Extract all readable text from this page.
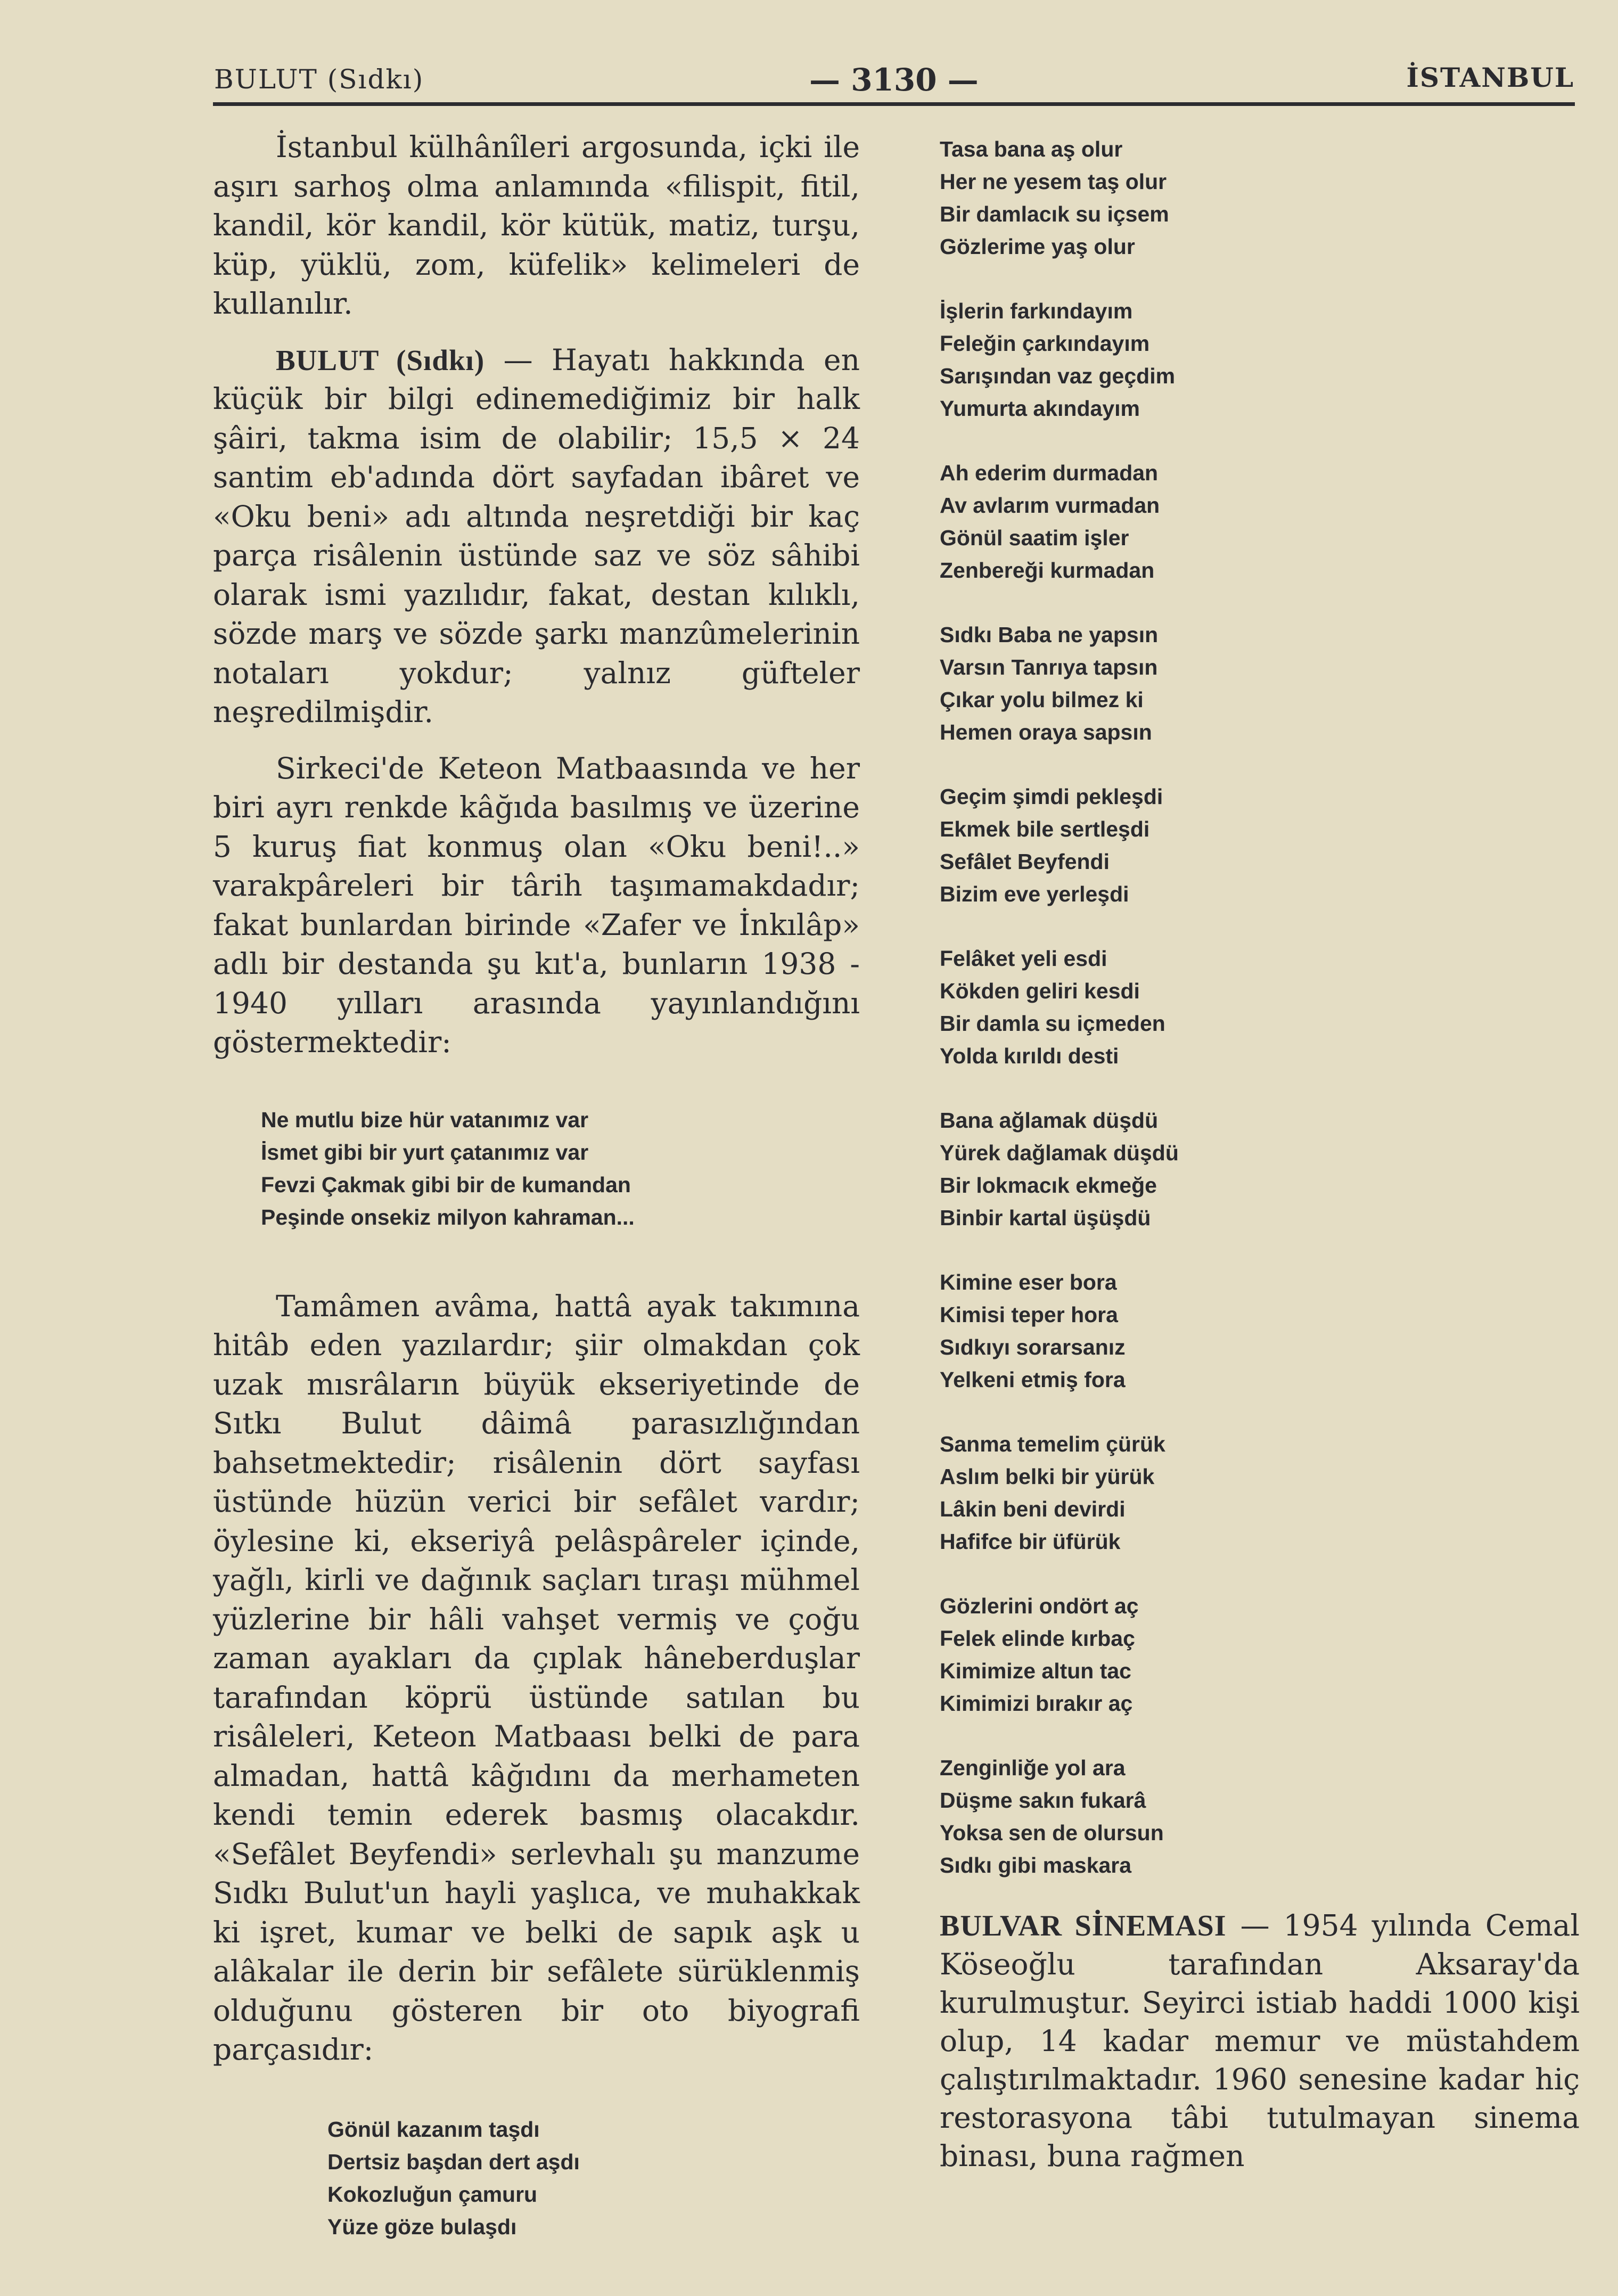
BULUT (Sıdkı)	— 3130 —	İSTANBUL

İstanbul külhânîleri argosunda, içki ile aşırı sarhoş olma anlamında «filispit, fitil, kandil, kör kandil, kör kütük, matiz, turşu, küp, yüklü, zom, küfelik» kelimeleri de kullanılır.

BULUT (Sıdkı) — Hayatı hakkında en küçük bir bilgi edinemediğimiz bir halk şâiri, takma isim de olabilir; 15,5 × 24 santim eb'adında dört sayfadan ibâret ve «Oku beni» adı altında neşretdiği bir kaç parça risâlenin üstünde saz ve söz sâhibi olarak ismi yazılıdır, fakat, destan kılıklı, sözde marş ve sözde şarkı manzûmelerinin notaları yokdur; yalnız güfteler neşredilmişdir.

Sirkeci'de Keteon Matbaasında ve her biri ayrı renkde kâğıda basılmış ve üzerine 5 kuruş fiat konmuş olan «Oku beni!..» varakpâreleri bir târih taşımamakdadır; fakat bunlardan birinde «Zafer ve İnkılâp» adlı bir destanda şu kıt'a, bunların 1938 - 1940 yılları arasında yayınlandığını göstermektedir:

Ne mutlu bize hür vatanımız var
İsmet gibi bir yurt çatanımız var
Fevzi Çakmak gibi bir de kumandan
Peşinde onsekiz milyon kahraman...

Tamâmen avâma, hattâ ayak takımına hitâb eden yazılardır; şiir olmakdan çok uzak mısrâların büyük ekseriyetinde de Sıtkı Bulut dâimâ parasızlığından bahsetmektedir; risâlenin dört sayfası üstünde hüzün verici bir sefâlet vardır; öylesine ki, ekseriyâ pelâspâreler içinde, yağlı, kirli ve dağınık saçları tıraşı mühmel yüzlerine bir hâli vahşet vermiş ve çoğu zaman ayakları da çıplak hâneberduşlar tarafından köprü üstünde satılan bu risâleleri, Keteon Matbaası belki de para almadan, hattâ kâğıdını da merhameten kendi temin ederek basmış olacakdır. «Sefâlet Beyfendi» serlevhalı şu manzume Sıdkı Bulut'un hayli yaşlıca, ve muhakkak ki işret, kumar ve belki de sapık aşk u alâkalar ile derin bir sefâlete sürüklenmiş olduğunu gösteren bir oto biyografi parçasıdır:

Gönül kazanım taşdı
Dertsiz başdan dert aşdı
Kokozluğun çamuru
Yüze göze bulaşdı
Tasa bana aş olur
Her ne yesem taş olur
Bir damlacık su içsem
Gözlerime yaş olur
İşlerin farkındayım
Feleğin çarkındayım
Sarışından vaz geçdim
Yumurta akındayım
Ah ederim durmadan
Av avlarım vurmadan
Gönül saatim işler
Zenbereği kurmadan
Sıdkı Baba ne yapsın
Varsın Tanrıya tapsın
Çıkar yolu bilmez ki
Hemen oraya sapsın
Geçim şimdi pekleşdi
Ekmek bile sertleşdi
Sefâlet Beyfendi
Bizim eve yerleşdi
Felâket yeli esdi
Kökden geliri kesdi
Bir damla su içmeden
Yolda kırıldı desti
Bana ağlamak düşdü
Yürek dağlamak düşdü
Bir lokmacık ekmeğe
Binbir kartal üşüşdü
Kimine eser bora
Kimisi teper hora
Sıdkıyı sorarsanız
Yelkeni etmiş fora
Sanma temelim çürük
Aslım belki bir yürük
Lâkin beni devirdi
Hafifce bir üfürük
Gözlerini ondört aç
Felek elinde kırbaç
Kimimize altun tac
Kimimizi bırakır aç
Zenginliğe yol ara
Düşme sakın fukarâ
Yoksa sen de olursun
Sıdkı gibi maskara

BULVAR SİNEMASI — 1954 yılında Cemal Köseoğlu tarafından Aksaray'da kurulmuştur. Seyirci istiab haddi 1000 kişi olup, 14 kadar memur ve müstahdem çalıştırılmaktadır. 1960 senesine kadar hiç restorasyona tâbi tutulmayan sinema binası, buna rağmen
